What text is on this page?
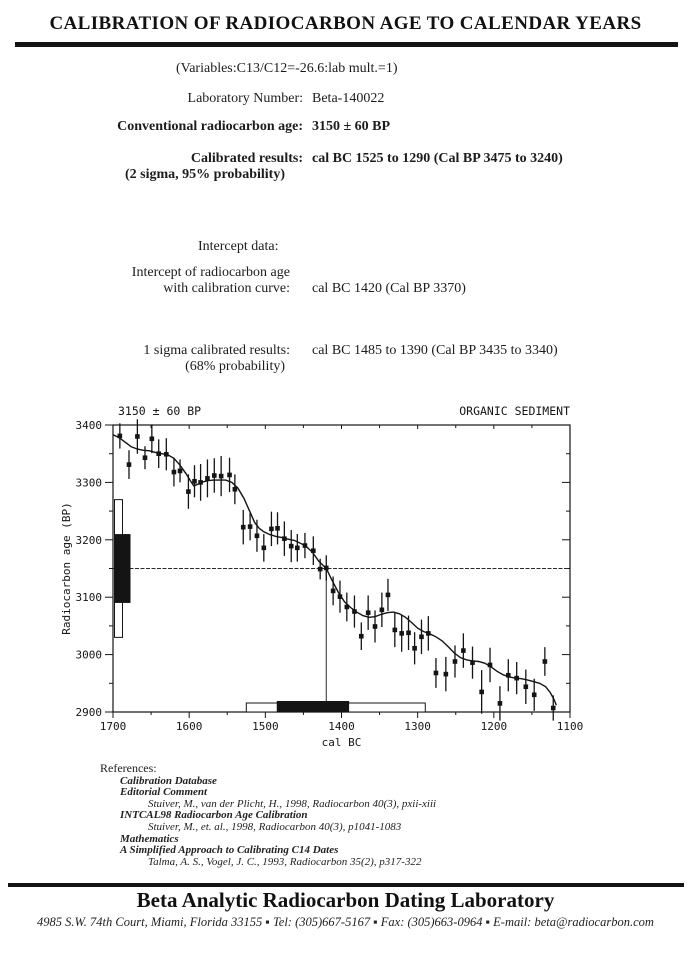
CALIBRATION OF RADIOCARBON AGE TO CALENDAR YEARS
(Variables:C13/C12=-26.6:lab mult.=1)
Laboratory Number: Beta-140022
Conventional radiocarbon age: 3150 ± 60 BP
Calibrated results:
(2 sigma, 95% probability)
cal BC 1525 to 1290 (Cal BP 3475 to 3240)
Intercept data:
Intercept of radiocarbon age
with calibration curve: cal BC 1420 (Cal BP 3370)
1 sigma calibrated results:
(68% probability)
cal BC 1485 to 1390 (Cal BP 3435 to 3340)
3400
3300
3200
3100
3000
2900
1700	1600	1500	1400	1300	1200	1100
3150 ± 60 BP	ORGANIC SEDIMENT
cal BC
Radiocarbon age (BP)
References:
Calibration Database
Editorial Comment
Stuiver, M., van der Plicht, H., 1998, Radiocarbon 40(3), pxii-xiii
INTCAL98 Radiocarbon Age Calibration
Stuiver, M., et. al., 1998, Radiocarbon 40(3), p1041-1083
Mathematics
A Simplified Approach to Calibrating C14 Dates
Talma, A. S., Vogel, J. C., 1993, Radiocarbon 35(2), p317-322
Beta Analytic Radiocarbon Dating Laboratory
4985 S.W. 74th Court, Miami, Florida 33155 ▪ Tel: (305)667-5167 ▪ Fax: (305)663-0964 ▪ E-mail: beta@radiocarbon.com
